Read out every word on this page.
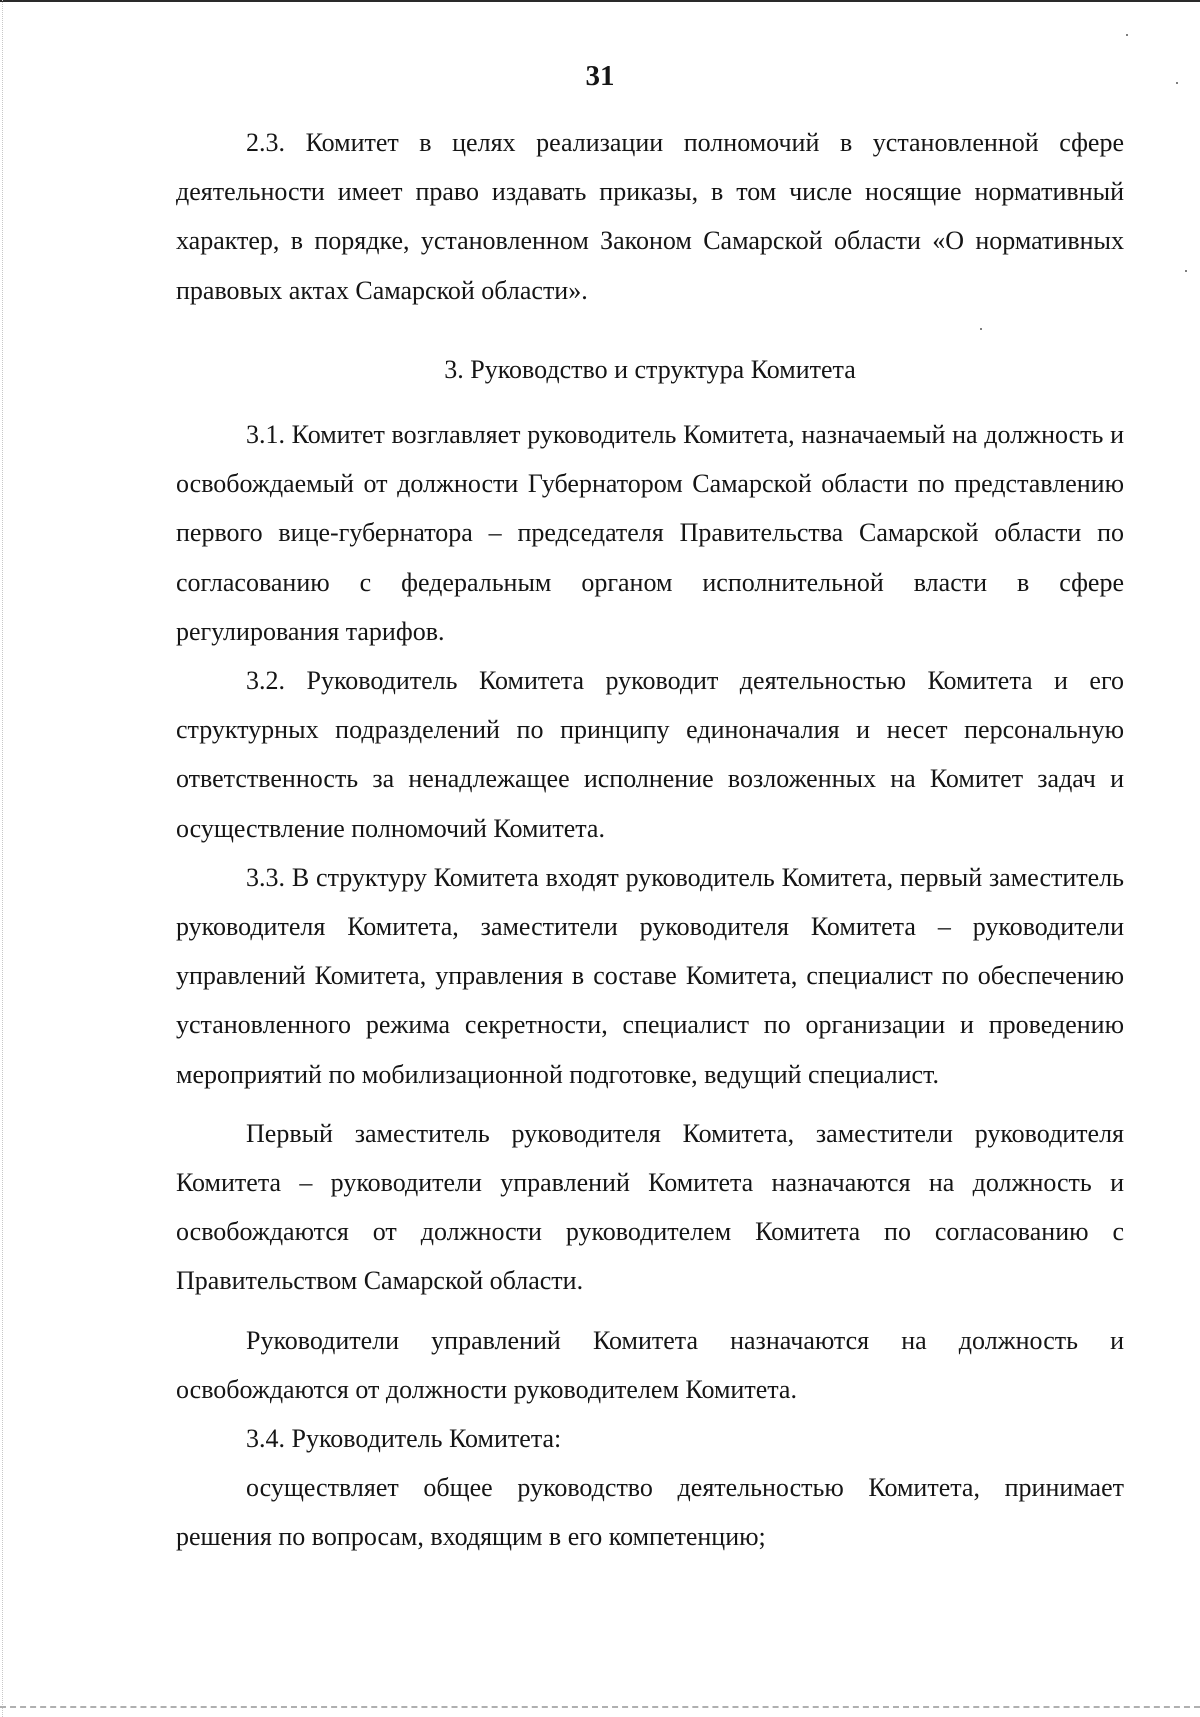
31

2.3. Комитет в целях реализации полномочий в установленной сфере деятельности имеет право издавать приказы, в том числе носящие нормативный характер, в порядке, установленном Законом Самарской области «О нормативных правовых актах Самарской области».

3. Руководство и структура Комитета

3.1. Комитет возглавляет руководитель Комитета, назначаемый на должность и освобождаемый от должности Губернатором Самарской области по представлению первого вице-губернатора – председателя Правительства Самарской области по согласованию с федеральным органом исполнительной власти в сфере регулирования тарифов.

3.2. Руководитель Комитета руководит деятельностью Комитета и его структурных подразделений по принципу единоначалия и несет персональную ответственность за ненадлежащее исполнение возложенных на Комитет задач и осуществление полномочий Комитета.

3.3. В структуру Комитета входят руководитель Комитета, первый заместитель руководителя Комитета, заместители руководителя Комитета – руководители управлений Комитета, управления в составе Комитета, специалист по обеспечению установленного режима секретности, специалист по организации и проведению мероприятий по мобилизационной подготовке, ведущий специалист.

Первый заместитель руководителя Комитета, заместители руководителя Комитета – руководители управлений Комитета назначаются на должность и освобождаются от должности руководителем Комитета по согласованию с Правительством Самарской области.

Руководители управлений Комитета назначаются на должность и освобождаются от должности руководителем Комитета.

3.4. Руководитель Комитета:

осуществляет общее руководство деятельностью Комитета, принимает решения по вопросам, входящим в его компетенцию;
